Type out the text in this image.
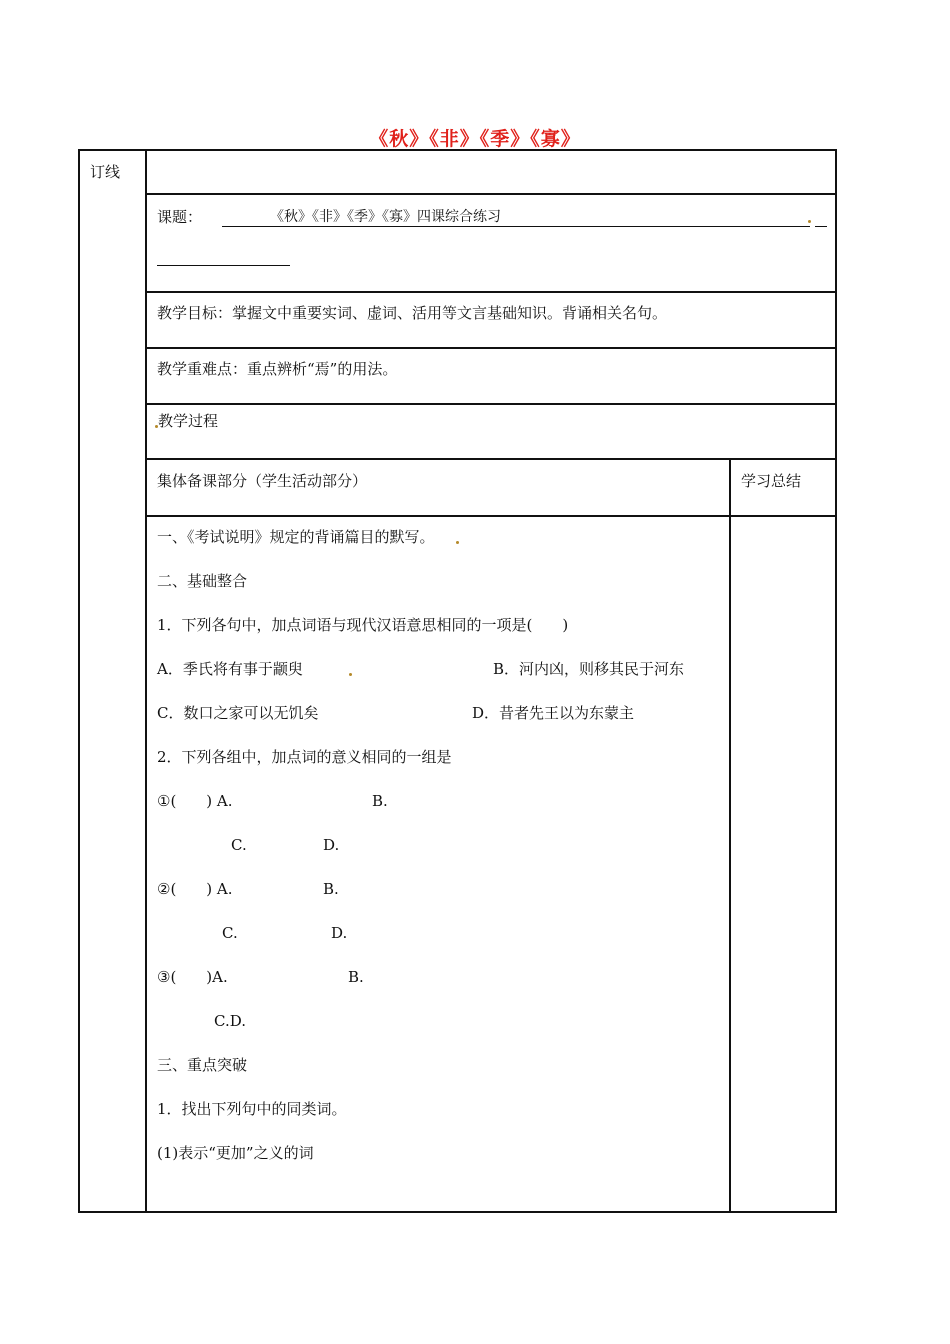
《秋》《非》《季》《寡》
订线
课题：	《秋》《非》《季》《寡》四课综合练习
教学目标：掌握文中重要实词、虚词、活用等文言基础知识。背诵相关名句。
教学重难点：重点辨析“焉”的用法。
教学过程
集体备课部分（学生活动部分）	学习总结
一、《考试说明》规定的背诵篇目的默写。
二、基础整合
1．下列各句中，加点词语与现代汉语意思相同的一项是(　　)
A．季氏将有事于颛臾	B．河内凶，则移其民于河东
C．数口之家可以无饥矣	D．昔者先王以为东蒙主
2．下列各组中，加点词的意义相同的一组是
①(　　) A.	B.
C.	D.
②(　　) A.	B.
C.	D.
③(　　)A.	B.
C.D.
三、重点突破
1．找出下列句中的同类词。
(1)表示“更加”之义的词
